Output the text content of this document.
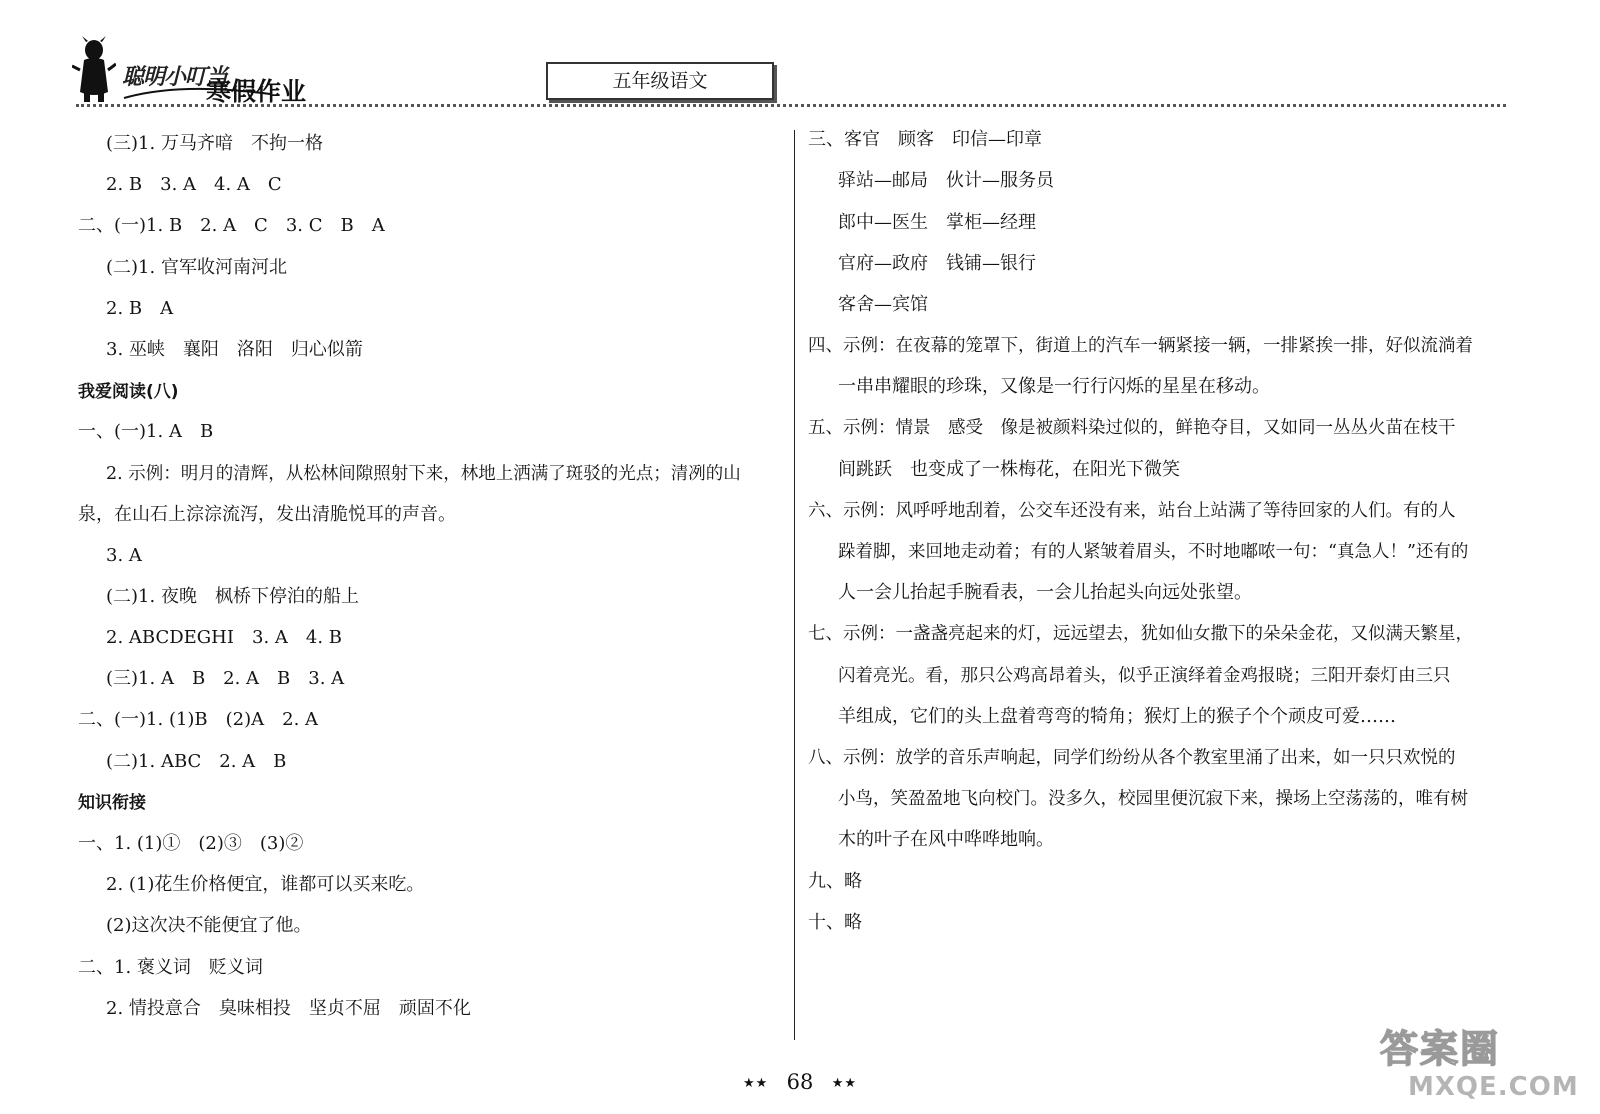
聪明小叮当
寒假作业	五年级语文
(三)1. 万马齐喑　不拘一格
2. B　3. A　4. A　C
二、(一)1. B　2. A　C　3. C　B　A
(二)1. 官军收河南河北
2. B　A
3. 巫峡　襄阳　洛阳　归心似箭
我爱阅读(八)
一、(一)1. A　B
2. 示例：明月的清辉，从松林间隙照射下来，林地上洒满了斑驳的光点；清冽的山
泉，在山石上淙淙流泻，发出清脆悦耳的声音。
3. A
(二)1. 夜晚　枫桥下停泊的船上
2. ABCDEGHI　3. A　4. B
(三)1. A　B　2. A　B　3. A
二、(一)1. (1)B　(2)A　2. A
(二)1. ABC　2. A　B
知识衔接
一、1. (1)①　(2)③　(3)②
2. (1)花生价格便宜，谁都可以买来吃。
(2)这次决不能便宜了他。
二、1. 褒义词　贬义词
2. 情投意合　臭味相投　坚贞不屈　顽固不化
三、客官　顾客　印信—印章
驿站—邮局　伙计—服务员
郎中—医生　掌柜—经理
官府—政府　钱铺—银行
客舍—宾馆
四、示例：在夜幕的笼罩下，街道上的汽车一辆紧接一辆，一排紧挨一排，好似流淌着
一串串耀眼的珍珠，又像是一行行闪烁的星星在移动。
五、示例：情景　感受　像是被颜料染过似的，鲜艳夺目，又如同一丛丛火苗在枝干
间跳跃　也变成了一株梅花，在阳光下微笑
六、示例：风呼呼地刮着，公交车还没有来，站台上站满了等待回家的人们。有的人
跺着脚，来回地走动着；有的人紧皱着眉头，不时地嘟哝一句：“真急人！”还有的
人一会儿抬起手腕看表，一会儿抬起头向远处张望。
七、示例：一盏盏亮起来的灯，远远望去，犹如仙女撒下的朵朵金花，又似满天繁星，
闪着亮光。看，那只公鸡高昂着头，似乎正演绎着金鸡报晓；三阳开泰灯由三只
羊组成，它们的头上盘着弯弯的犄角；猴灯上的猴子个个顽皮可爱……
八、示例：放学的音乐声响起，同学们纷纷从各个教室里涌了出来，如一只只欢悦的
小鸟，笑盈盈地飞向校门。没多久，校园里便沉寂下来，操场上空荡荡的，唯有树
木的叶子在风中哗哗地响。
九、略
十、略
★★ 68 ★★
答案圈
MXQE.COM
